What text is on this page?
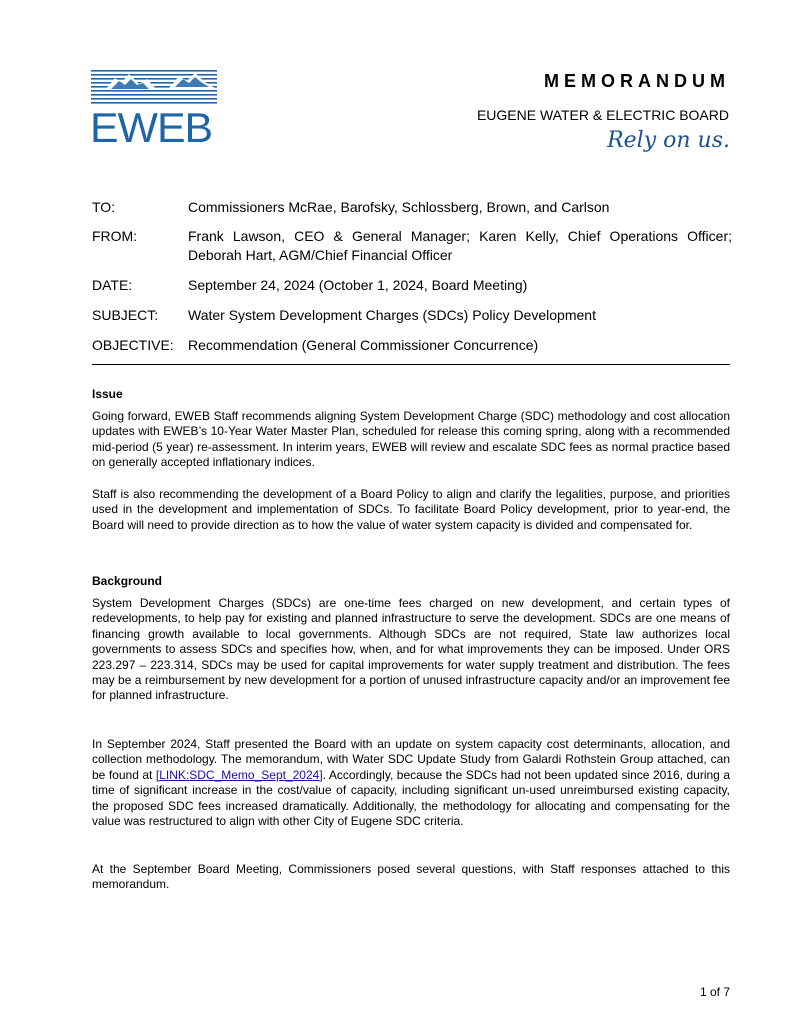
EWEB
MEMORANDUM
EUGENE WATER & ELECTRIC BOARD
Rely on us.
TO:	Commissioners McRae, Barofsky, Schlossberg, Brown, and Carlson
FROM:	Frank Lawson, CEO & General Manager; Karen Kelly, Chief Operations Officer; Deborah Hart, AGM/Chief Financial Officer
DATE:	September 24, 2024 (October 1, 2024, Board Meeting)
SUBJECT:	Water System Development Charges (SDCs) Policy Development
OBJECTIVE:	Recommendation (General Commissioner Concurrence)
Issue
Going forward, EWEB Staff recommends aligning System Development Charge (SDC) methodology and cost allocation updates with EWEB’s 10-Year Water Master Plan, scheduled for release this coming spring, along with a recommended mid-period (5 year) re-assessment. In interim years, EWEB will review and escalate SDC fees as normal practice based on generally accepted inflationary indices.
Staff is also recommending the development of a Board Policy to align and clarify the legalities, purpose, and priorities used in the development and implementation of SDCs. To facilitate Board Policy development, prior to year-end, the Board will need to provide direction as to how the value of water system capacity is divided and compensated for.
Background
System Development Charges (SDCs) are one-time fees charged on new development, and certain types of redevelopments, to help pay for existing and planned infrastructure to serve the development. SDCs are one means of financing growth available to local governments. Although SDCs are not required, State law authorizes local governments to assess SDCs and specifies how, when, and for what improvements they can be imposed. Under ORS 223.297 – 223.314, SDCs may be used for capital improvements for water supply treatment and distribution. The fees may be a reimbursement by new development for a portion of unused infrastructure capacity and/or an improvement fee for planned infrastructure.
In September 2024, Staff presented the Board with an update on system capacity cost determinants, allocation, and collection methodology. The memorandum, with Water SDC Update Study from Galardi Rothstein Group attached, can be found at [LINK:SDC_Memo_Sept_2024]. Accordingly, because the SDCs had not been updated since 2016, during a time of significant increase in the cost/value of capacity, including significant un-used unreimbursed existing capacity, the proposed SDC fees increased dramatically. Additionally, the methodology for allocating and compensating for the value was restructured to align with other City of Eugene SDC criteria.
At the September Board Meeting, Commissioners posed several questions, with Staff responses attached to this memorandum.
1 of 7
